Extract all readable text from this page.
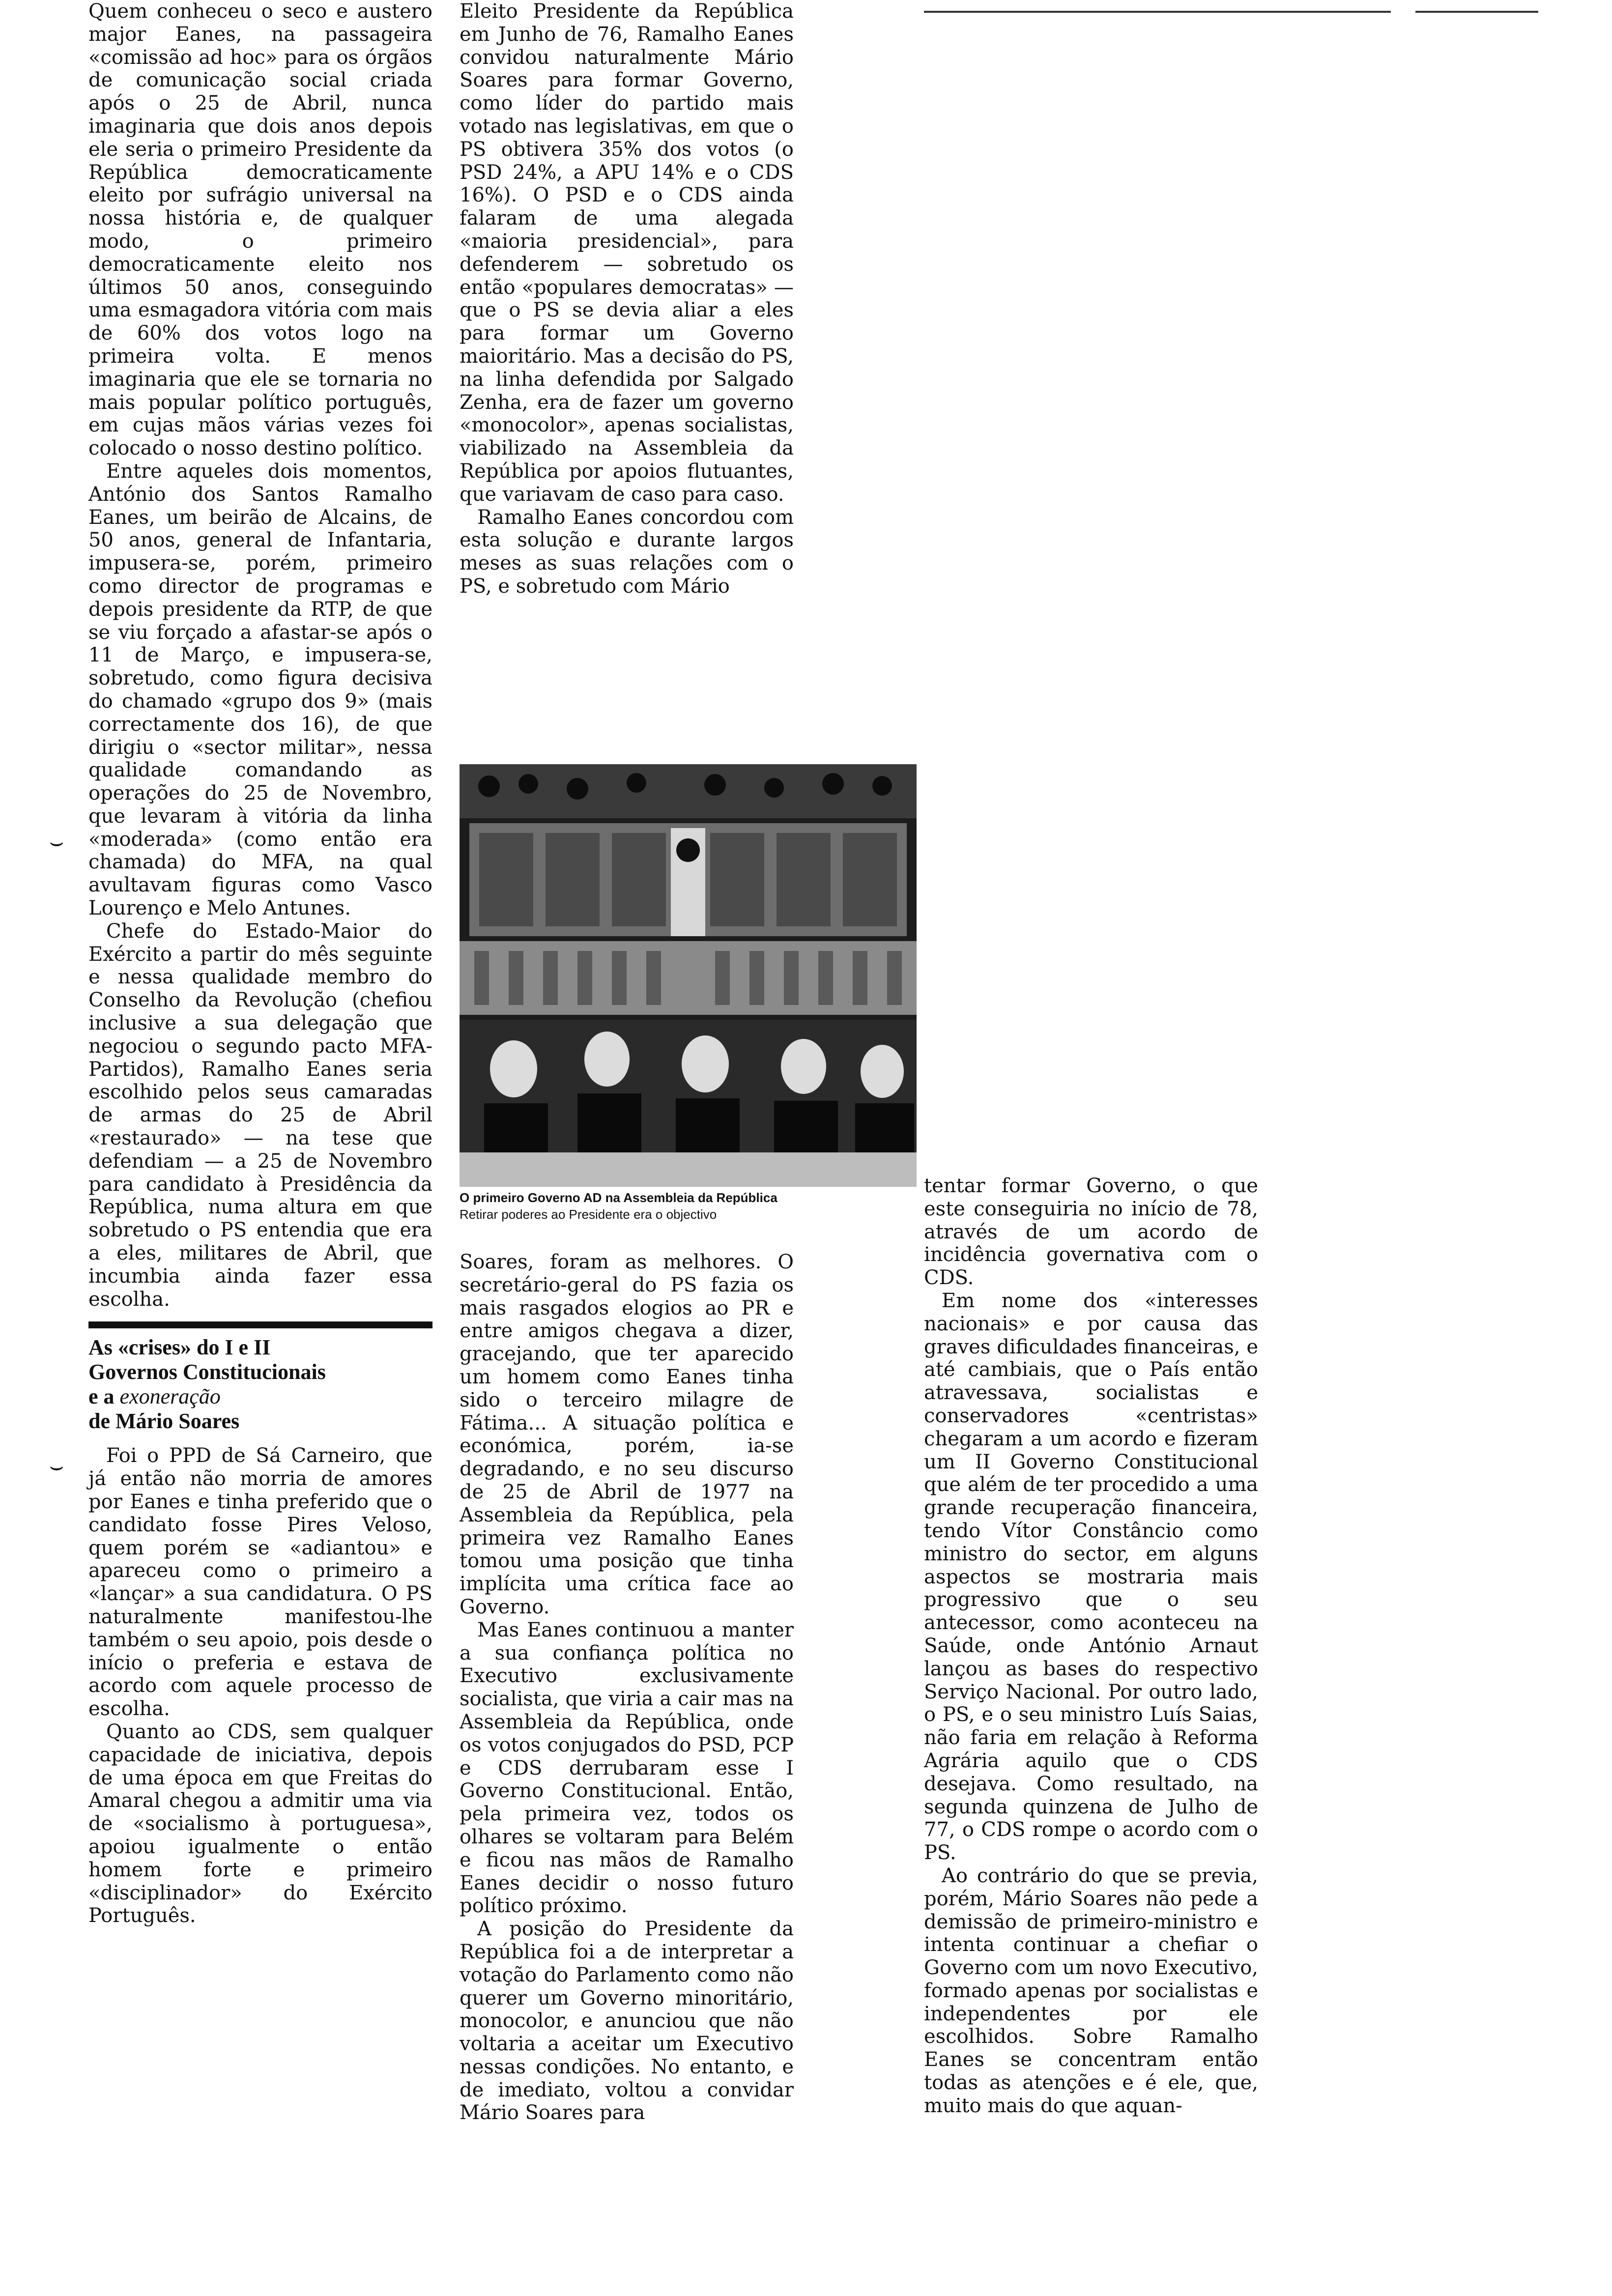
⌣
⌣

Quem conheceu o seco e austero major Eanes, na passageira «comissão ad hoc» para os órgãos de comunicação social criada após o 25 de Abril, nunca imaginaria que dois anos depois ele seria o primeiro Presidente da República democraticamente eleito por sufrágio universal na nossa história e, de qualquer modo, o primeiro democraticamente eleito nos últimos 50 anos, conseguindo uma esmagadora vitória com mais de 60% dos votos logo na primeira volta. E menos imaginaria que ele se tornaria no mais popular político português, em cujas mãos várias vezes foi colocado o nosso destino político.

Entre aqueles dois momentos, António dos Santos Ramalho Eanes, um beirão de Alcains, de 50 anos, general de Infantaria, impusera-se, porém, primeiro como director de programas e depois presidente da RTP, de que se viu forçado a afastar-se após o 11 de Março, e impusera-se, sobretudo, como figura decisiva do chamado «grupo dos 9» (mais correctamente dos 16), de que dirigiu o «sector militar», nessa qualidade comandando as operações do 25 de Novembro, que levaram à vitória da linha «moderada» (como então era chamada) do MFA, na qual avultavam figuras como Vasco Lourenço e Melo Antunes.

Chefe do Estado-Maior do Exército a partir do mês seguinte e nessa qualidade membro do Conselho da Revolução (chefiou inclusive a sua delegação que negociou o segundo pacto MFA-Partidos), Ramalho Eanes seria escolhido pelos seus camaradas de armas do 25 de Abril «restaurado» — na tese que defendiam — a 25 de Novembro para candidato à Presidência da República, numa altura em que sobretudo o PS entendia que era a eles, militares de Abril, que incumbia ainda fazer essa escolha.

As «crises» do I e II
Governos Constitucionais
e a exoneração
de Mário Soares

Foi o PPD de Sá Carneiro, que já então não morria de amores por Eanes e tinha preferido que o candidato fosse Pires Veloso, quem porém se «adiantou» e apareceu como o primeiro a «lançar» a sua candidatura. O PS naturalmente manifestou-lhe também o seu apoio, pois desde o início o preferia e estava de acordo com aquele processo de escolha.

Quanto ao CDS, sem qualquer capacidade de iniciativa, depois de uma época em que Freitas do Amaral chegou a admitir uma via de «socialismo à portuguesa», apoiou igualmente o então homem forte e primeiro «disciplinador» do Exército Português.

Eleito Presidente da República em Junho de 76, Ramalho Eanes convidou naturalmente Mário Soares para formar Governo, como líder do partido mais votado nas legislativas, em que o PS obtivera 35% dos votos (o PSD 24%, a APU 14% e o CDS 16%). O PSD e o CDS ainda falaram de uma alegada «maioria presidencial», para defenderem — sobretudo os então «populares democratas» — que o PS se devia aliar a eles para formar um Governo maioritário. Mas a decisão do PS, na linha defendida por Salgado Zenha, era de fazer um governo «monocolor», apenas socialistas, viabilizado na Assembleia da República por apoios flutuantes, que variavam de caso para caso.

Ramalho Eanes concordou com esta solução e durante largos meses as suas relações com o PS, e sobretudo com Mário

O primeiro Governo AD na Assembleia da República
Retirar poderes ao Presidente era o objectivo

Soares, foram as melhores. O secretário-geral do PS fazia os mais rasgados elogios ao PR e entre amigos chegava a dizer, gracejando, que ter aparecido um homem como Eanes tinha sido o terceiro milagre de Fátima... A situação política e económica, porém, ia-se degradando, e no seu discurso de 25 de Abril de 1977 na Assembleia da República, pela primeira vez Ramalho Eanes tomou uma posição que tinha implícita uma crítica face ao Governo.

Mas Eanes continuou a manter a sua confiança política no Executivo exclusivamente socialista, que viria a cair mas na Assembleia da República, onde os votos conjugados do PSD, PCP e CDS derrubaram esse I Governo Constitucional. Então, pela primeira vez, todos os olhares se voltaram para Belém e ficou nas mãos de Ramalho Eanes decidir o nosso futuro político próximo.

A posição do Presidente da República foi a de interpretar a votação do Parlamento como não querer um Governo minoritário, monocolor, e anunciou que não voltaria a aceitar um Executivo nessas condições. No entanto, e de imediato, voltou a convidar Mário Soares para

tentar formar Governo, o que este conseguiria no início de 78, através de um acordo de incidência governativa com o CDS.

Em nome dos «interesses nacionais» e por causa das graves dificuldades financeiras, e até cambiais, que o País então atravessava, socialistas e conservadores «centristas» chegaram a um acordo e fizeram um II Governo Constitucional que além de ter procedido a uma grande recuperação financeira, tendo Vítor Constâncio como ministro do sector, em alguns aspectos se mostraria mais progressivo que o seu antecessor, como aconteceu na Saúde, onde António Arnaut lançou as bases do respectivo Serviço Nacional. Por outro lado, o PS, e o seu ministro Luís Saias, não faria em relação à Reforma Agrária aquilo que o CDS desejava. Como resultado, na segunda quinzena de Julho de 77, o CDS rompe o acordo com o PS.

Ao contrário do que se previa, porém, Mário Soares não pede a demissão de primeiro-ministro e intenta continuar a chefiar o Governo com um novo Executivo, formado apenas por socialistas e independentes por ele escolhidos. Sobre Ramalho Eanes se concentram então todas as atenções e é ele, que, muito mais do que aquan-
